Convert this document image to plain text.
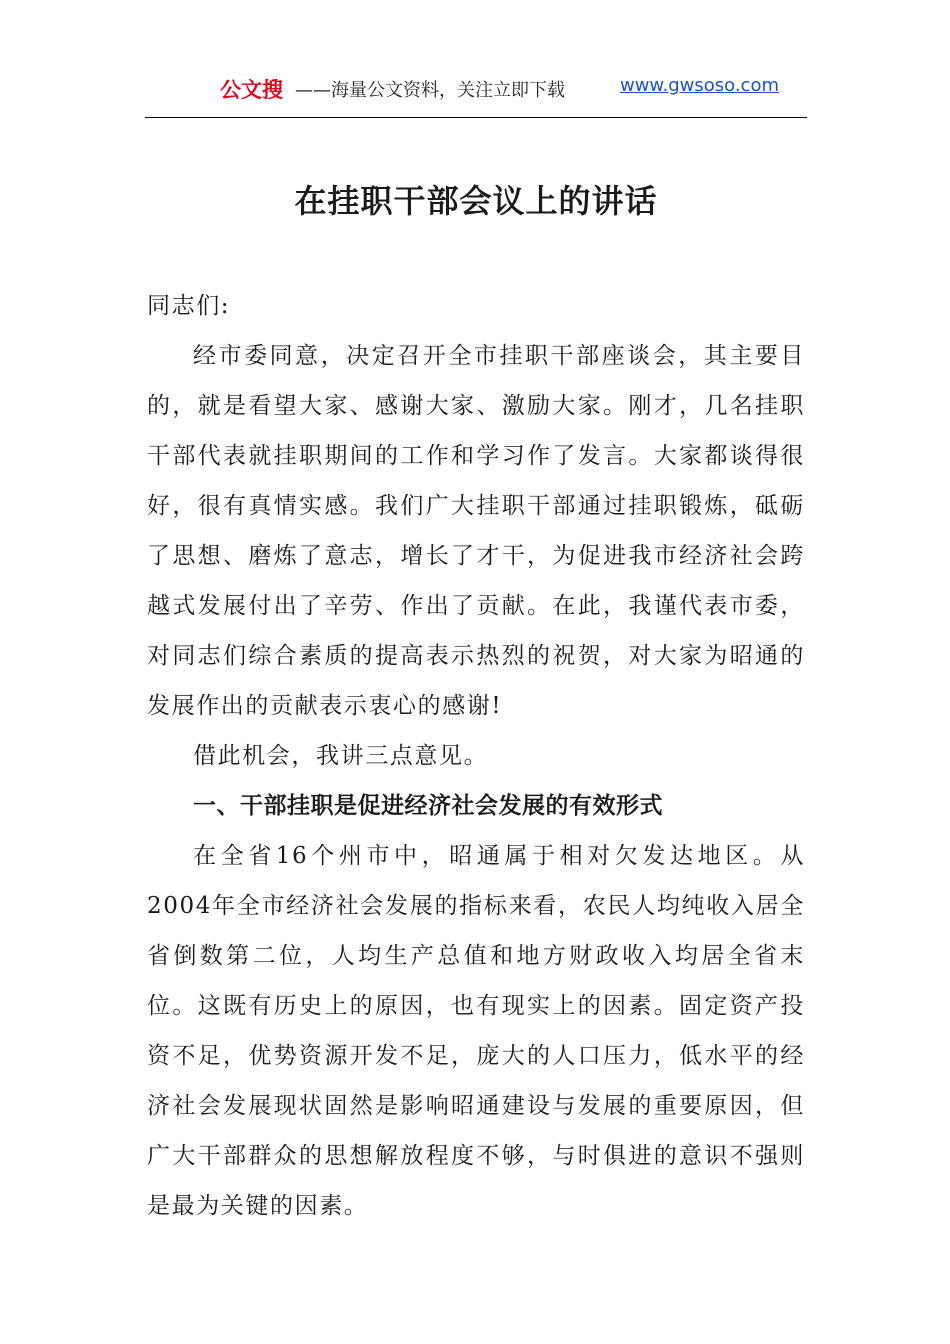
公文搜 ——海量公文资料，关注立即下载	www.gwsoso.com
在挂职干部会议上的讲话

同志们:

经市委同意，决定召开全市挂职干部座谈会，其主要目的，就是看望大家、感谢大家、激励大家。刚才，几名挂职干部代表就挂职期间的工作和学习作了发言。大家都谈得很好，很有真情实感。我们广大挂职干部通过挂职锻炼，砥砺了思想、磨炼了意志，增长了才干，为促进我市经济社会跨越式发展付出了辛劳、作出了贡献。在此，我谨代表市委，对同志们综合素质的提高表示热烈的祝贺，对大家为昭通的发展作出的贡献表示衷心的感谢!

借此机会，我讲三点意见。

一、干部挂职是促进经济社会发展的有效形式

在全省16个州市中，昭通属于相对欠发达地区。从2004年全市经济社会发展的指标来看，农民人均纯收入居全省倒数第二位，人均生产总值和地方财政收入均居全省末位。这既有历史上的原因，也有现实上的因素。固定资产投资不足，优势资源开发不足，庞大的人口压力，低水平的经济社会发展现状固然是影响昭通建设与发展的重要原因，但广大干部群众的思想解放程度不够，与时俱进的意识不强则是最为关键的因素。
